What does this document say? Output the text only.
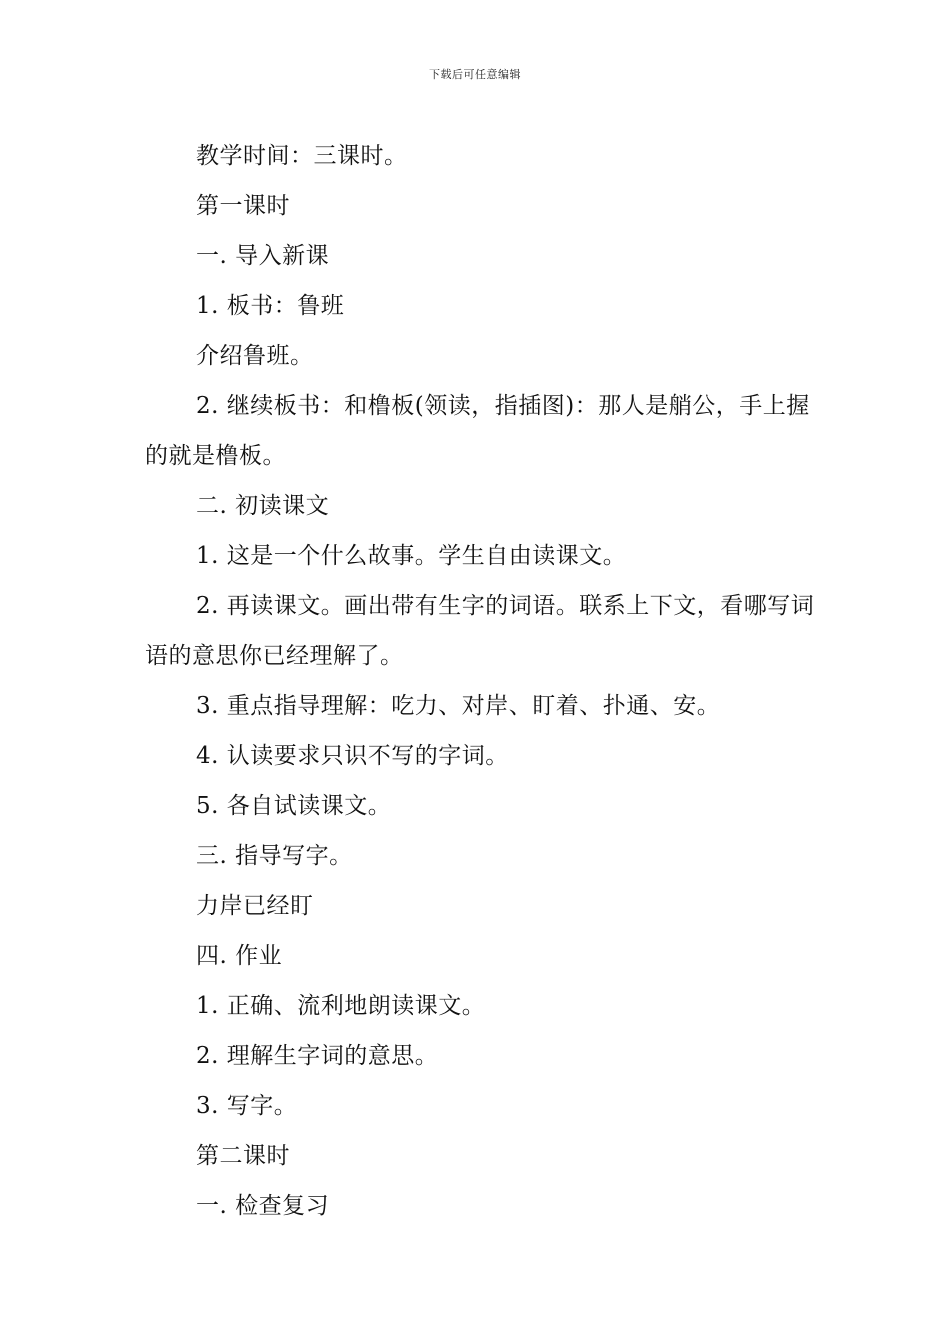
下载后可任意编辑

教学时间：三课时。

第一课时

一. 导入新课

1. 板书：鲁班

介绍鲁班。

2. 继续板书：和橹板(领读，指插图)：那人是艄公，手上握的就是橹板。

二. 初读课文

1. 这是一个什么故事。学生自由读课文。

2. 再读课文。画出带有生字的词语。联系上下文，看哪写词语的意思你已经理解了。

3. 重点指导理解：吃力、对岸、盯着、扑通、安。

4. 认读要求只识不写的字词。

5. 各自试读课文。

三. 指导写字。

力岸已经盯

四. 作业

1. 正确、流利地朗读课文。

2. 理解生字词的意思。

3. 写字。

第二课时

一. 检查复习
